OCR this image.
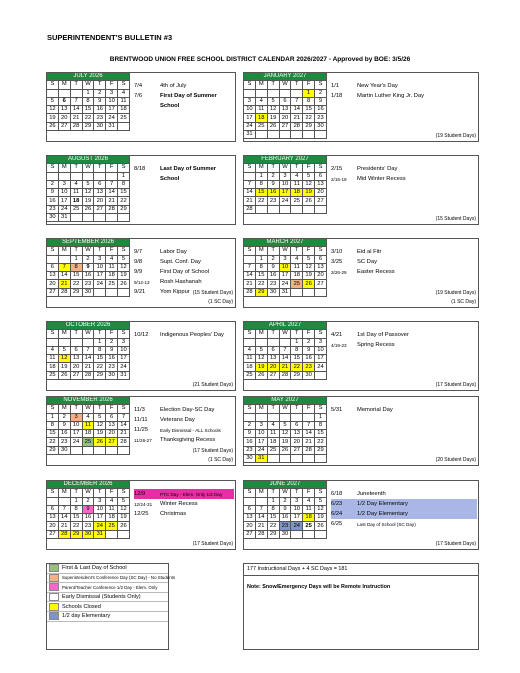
SUPERINTENDENT'S BULLETIN #3
BRENTWOOD UNION FREE SCHOOL DISTRICT CALENDAR 2026/2027 - Approved by BOE: 3/5/26
JULY 2026						
S	M	T	W	T	F	S
			1	2	3	4
5	6	7	8	9	10	11
12	13	14	15	16	17	18
19	20	21	22	23	24	25
26	27	28	29	30	31	
7/4	4th of July
7/6	First Day of Summer
School
JANUARY 2027						
S	M	T	W	T	F	S
					1	2
3	4	5	6	7	8	9
10	11	12	13	14	15	16
17	18	19	20	21	22	23
24	25	26	27	28	29	30
31						
1/1	New Year's Day
1/18	Martin Luther King Jr. Day
(19 Student Days)
AUGUST 2026						
S	M	T	W	T	F	S
						1
2	3	4	5	6	7	8
9	10	11	12	13	14	15
16	17	18	19	20	21	22
23	24	25	26	27	28	29
30	31					
8/18	Last Day of Summer
School
FEBRUARY 2027						
S	M	T	W	T	F	S
	1	2	3	4	5	6
7	8	9	10	11	12	13
14	15	16	17	18	19	20
21	22	23	24	25	26	27
28						
2/15	Presidents' Day
2/15-19	Mid Winter Recess
(15 Student Days)
SEPTEMBER 2026						
S	M	T	W	T	F	S
		1	2	3	4	5
6	7	8	9	10	11	12
13	14	15	16	17	18	19
20	21	22	23	24	25	26
27	28	29	30			
9/7	Labor Day
9/8	Supt. Conf. Day
9/9	First Day of School
9/12-13	Rosh Hashanah
9/21	Yom Kippur (15 Student Days)
(1 SC Day)
MARCH 2027						
S	M	T	W	T	F	S
	1	2	3	4	5	6
7	8	9	10	11	12	13
14	15	16	17	18	19	20
21	22	23	24	25	26	27
28	29	30	31			
3/10	Eid al Fitr
3/25	SC Day
3/26-29	Easter Recess
(19 Student Days)
(1 SC Day)
OCTOBER 2026						
S	M	T	W	T	F	S
				1	2	3
4	5	6	7	8	9	10
11	12	13	14	15	16	17
18	19	20	21	22	23	24
25	26	27	28	29	30	31
10/12	Indigenous Peoples' Day
(21 Student Days)
APRIL 2027						
S	M	T	W	T	F	S
				1	2	3
4	5	6	7	8	9	10
11	12	13	14	15	16	17
18	19	20	21	22	23	24
25	26	27	28	29	30	
4/21	1st Day of Passover
4/19-23	Spring Recess
(17 Student Days)
NOVEMBER 2026						
S	M	T	W	T	F	S
1	2	3	4	5	6	7
8	9	10	11	12	13	14
15	16	17	18	19	20	21
22	23	24	25	26	27	28
29	30					
11/3	Election Day-SC Day
11/11	Veterans Day
11/25	Early Dismissal - ALL Schools
11/26-27	Thanksgiving Recess
(17 Student Days)
(1 SC Day)
MAY 2027						
S	M	T	W	T	F	S
						1
2	3	4	5	6	7	8
9	10	11	12	13	14	15
16	17	18	19	20	21	22
23	24	25	26	27	28	29
30	31					
5/31	Memorial Day
(20 Student Days)
DECEMBER 2026						
S	M	T	W	T	F	S
		1	2	3	4	5
6	7	8	9	10	11	12
13	14	15	16	17	18	19
20	21	22	23	24	25	26
27	28	29	30	31		
12/9	PTC Day - Elem. Only 1/2 Day
12/24-31	Winter Recess
12/25	Christmas
(17 Student Days)
JUNE 2027						
S	M	T	W	T	F	S
		1	2	3	4	5
6	7	8	9	10	11	12
13	14	15	16	17	18	19
20	21	22	23	24	25	26
27	28	29	30			
6/18	Juneteenth
6/23	1/2 Day Elementary
6/24	1/2 Day Elementary
6/25	Last Day of School (SC Day)
(17 Student Days)
First & Last Day of School
Superintendent's Conference Day (SC Day) - No Students
Parent/Teacher Conference 1/2 Day - Elem. Only
Early Dismissal (Students Only)
Schools Closed
1/2 day Elementary
177 Instructional Days + 4 SC Days = 181
Note: Snow/Emergency Days will be Remote Instruction
